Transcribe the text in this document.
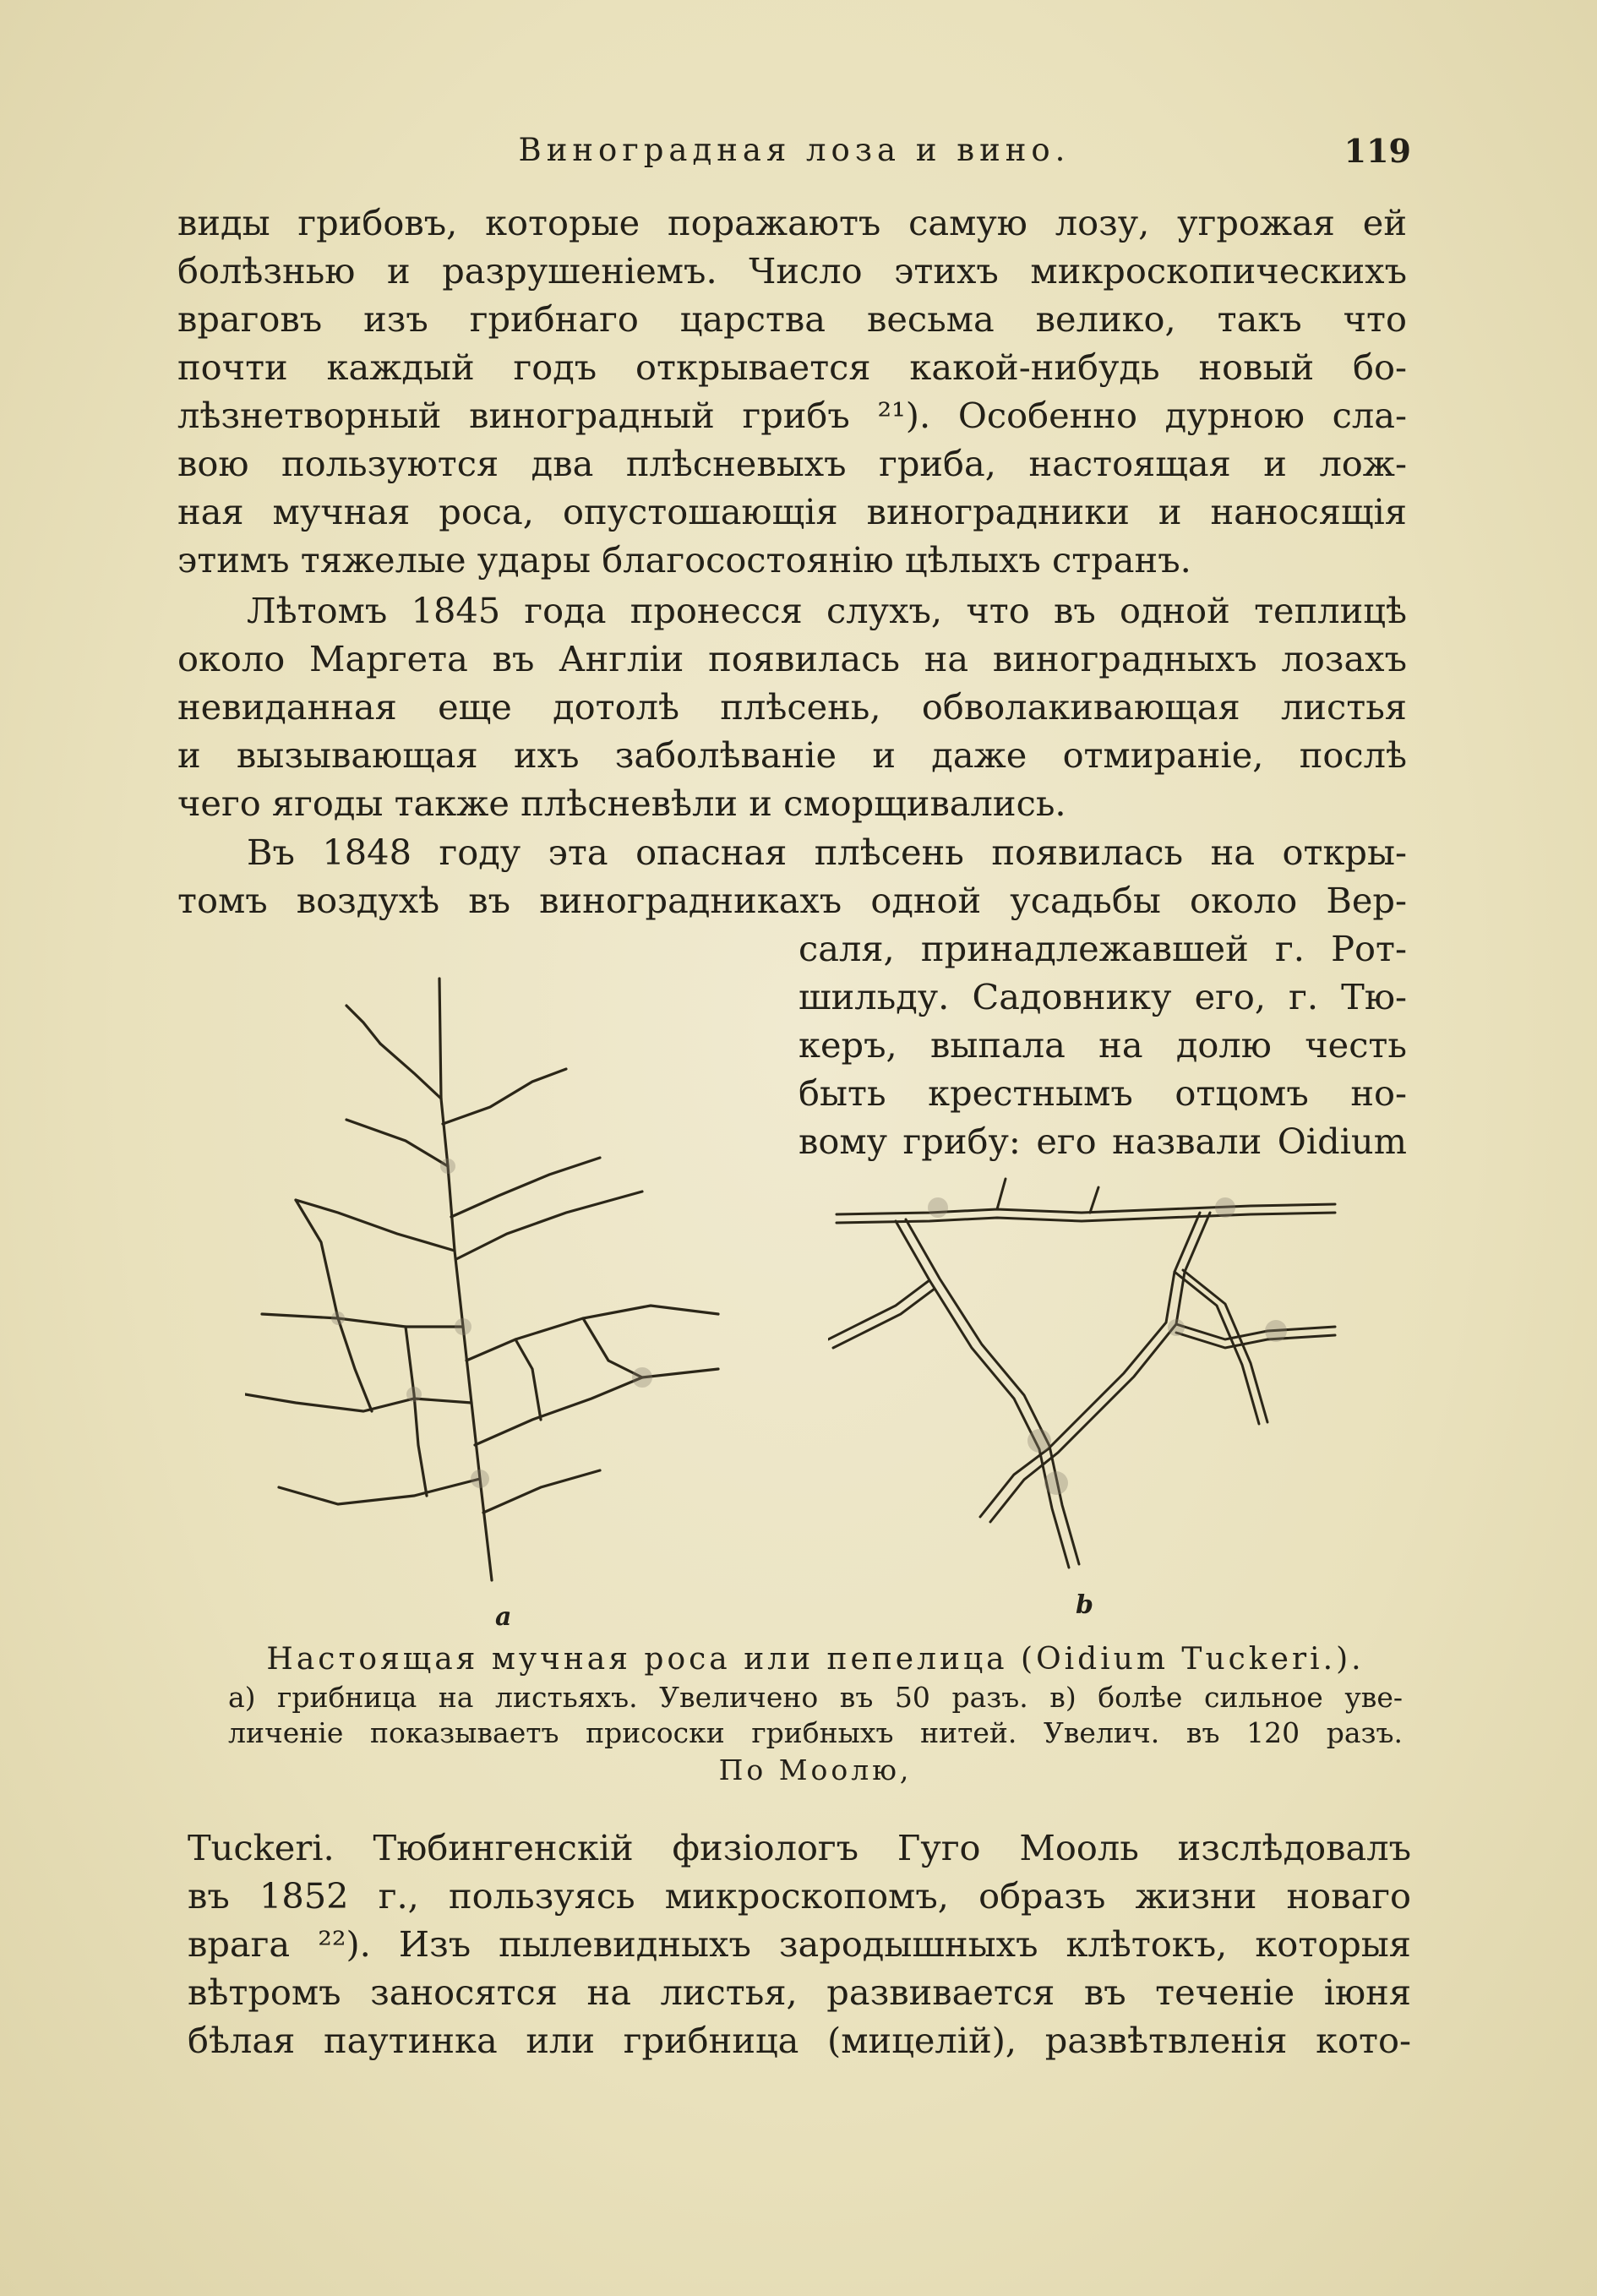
Виноградная лоза и вино.	119
виды грибовъ, которые поражаютъ самую лозу, угрожая ей
болѣзнью и разрушеніемъ. Число этихъ микроскопическихъ
враговъ изъ грибнаго царства весьма велико, такъ что
почти каждый годъ открывается какой-нибудь новый бо-
лѣзнетворный виноградный грибъ ²¹). Особенно дурною сла-
вою пользуются два плѣсневыхъ гриба, настоящая и лож-
ная мучная роса, опустошающія виноградники и наносящія
этимъ тяжелые удары благосостоянію цѣлыхъ странъ.
Лѣтомъ 1845 года пронесся слухъ, что въ одной теплицѣ
около Маргета въ Англіи появилась на виноградныхъ лозахъ
невиданная еще дотолѣ плѣсень, обволакивающая листья
и вызывающая ихъ заболѣваніе и даже отмираніе, послѣ
чего ягоды также плѣсневѣли и сморщивались.
Въ 1848 году эта опасная плѣсень появилась на откры-
томъ воздухѣ въ виноградникахъ одной усадьбы около Вер-
саля, принадлежавшей г. Рот-
шильду. Садовнику его, г. Тю-
керъ, выпала на долю честь
быть крестнымъ отцомъ но-
вому грибу: его назвали Oidium
a	b
Настоящая мучная роса или пепелица (Oidium Tuckeri.).
а) грибница на листьяхъ. Увеличено въ 50 разъ. в) болѣе сильное уве-
личеніе показываетъ присоски грибныхъ нитей. Увелич. въ 120 разъ.
По Моолю,
Tuckeri. Тюбингенскій физіологъ Гуго Мооль изслѣдовалъ
въ 1852 г., пользуясь микроскопомъ, образъ жизни новаго
врага ²²). Изъ пылевидныхъ зародышныхъ клѣтокъ, которыя
вѣтромъ заносятся на листья, развивается въ теченіе іюня
бѣлая паутинка или грибница (мицелій), развѣтвленія кото-
